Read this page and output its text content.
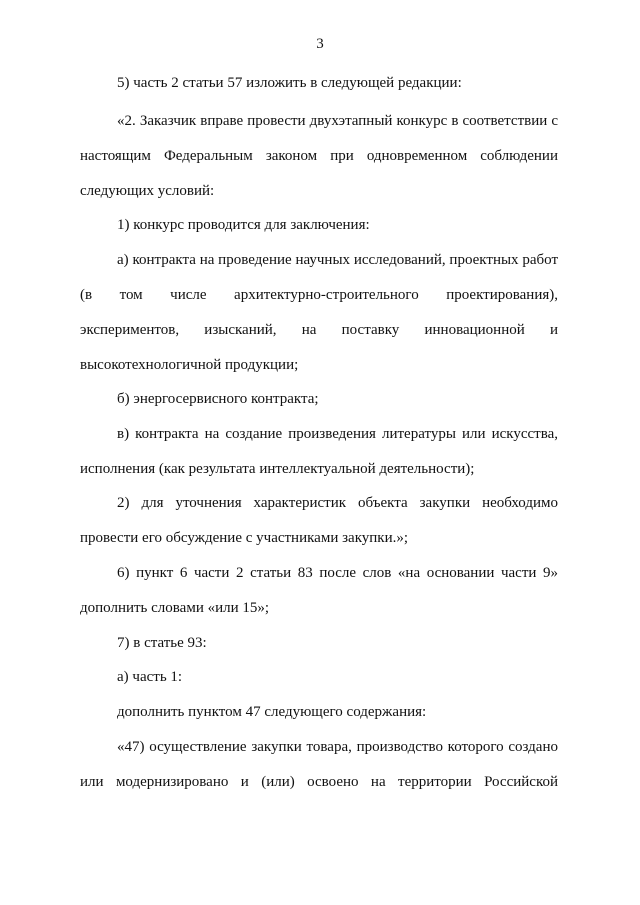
3
5) часть 2 статьи 57 изложить в следующей редакции:
«2. Заказчик вправе провести двухэтапный конкурс в соответствии с
настоящим Федеральным законом при одновременном соблюдении
следующих условий:
1) конкурс проводится для заключения:
а) контракта на проведение научных исследований, проектных работ
(в том числе архитектурно-строительного проектирования),
экспериментов, изысканий, на поставку инновационной и
высокотехнологичной продукции;
б) энергосервисного контракта;
в) контракта на создание произведения литературы или искусства,
исполнения (как результата интеллектуальной деятельности);
2) для уточнения характеристик объекта закупки необходимо
провести его обсуждение с участниками закупки.»;
6) пункт 6 части 2 статьи 83 после слов «на основании части 9»
дополнить словами «или 15»;
7) в статье 93:
а) часть 1:
дополнить пунктом 47 следующего содержания:
«47) осуществление закупки товара, производство которого создано
или модернизировано и (или) освоено на территории Российской
